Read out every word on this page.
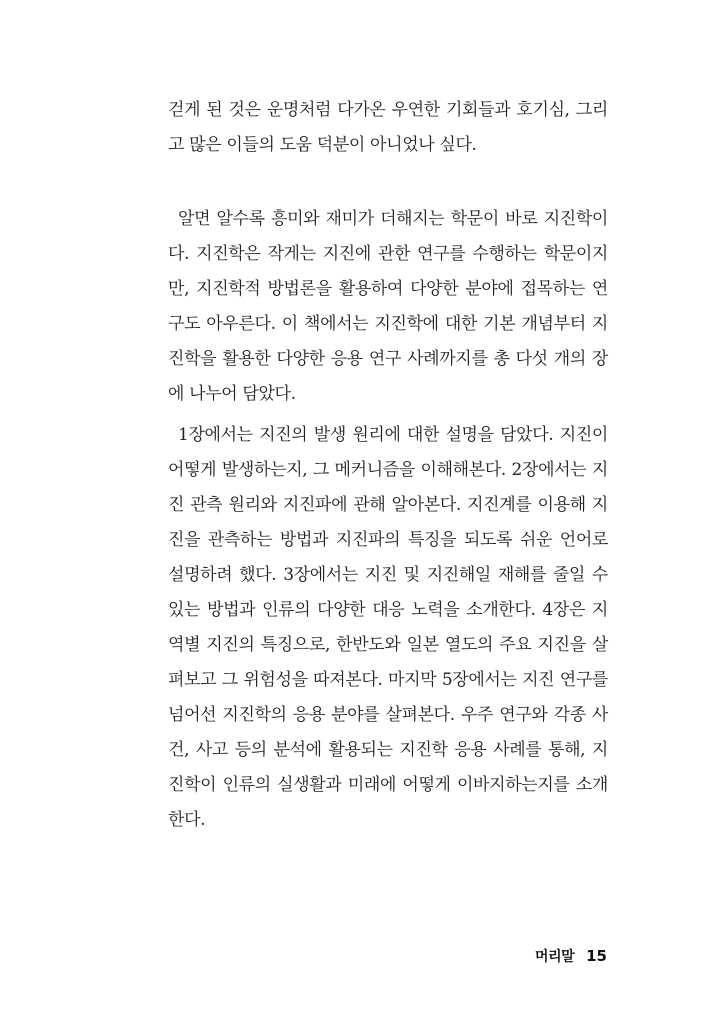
걷게 된 것은 운명처럼 다가온 우연한 기회들과 호기심, 그리
고 많은 이들의 도움 덕분이 아니었나 싶다.
알면 알수록 흥미와 재미가 더해지는 학문이 바로 지진학이
다. 지진학은 작게는 지진에 관한 연구를 수행하는 학문이지
만, 지진학적 방법론을 활용하여 다양한 분야에 접목하는 연
구도 아우른다. 이 책에서는 지진학에 대한 기본 개념부터 지
진학을 활용한 다양한 응용 연구 사례까지를 총 다섯 개의 장
에 나누어 담았다.
1장에서는 지진의 발생 원리에 대한 설명을 담았다. 지진이
어떻게 발생하는지, 그 메커니즘을 이해해본다. 2장에서는 지
진 관측 원리와 지진파에 관해 알아본다. 지진계를 이용해 지
진을 관측하는 방법과 지진파의 특징을 되도록 쉬운 언어로
설명하려 했다. 3장에서는 지진 및 지진해일 재해를 줄일 수
있는 방법과 인류의 다양한 대응 노력을 소개한다. 4장은 지
역별 지진의 특징으로, 한반도와 일본 열도의 주요 지진을 살
펴보고 그 위험성을 따져본다. 마지막 5장에서는 지진 연구를
넘어선 지진학의 응용 분야를 살펴본다. 우주 연구와 각종 사
건, 사고 등의 분석에 활용되는 지진학 응용 사례를 통해, 지
진학이 인류의 실생활과 미래에 어떻게 이바지하는지를 소개
한다.
머리말 15
